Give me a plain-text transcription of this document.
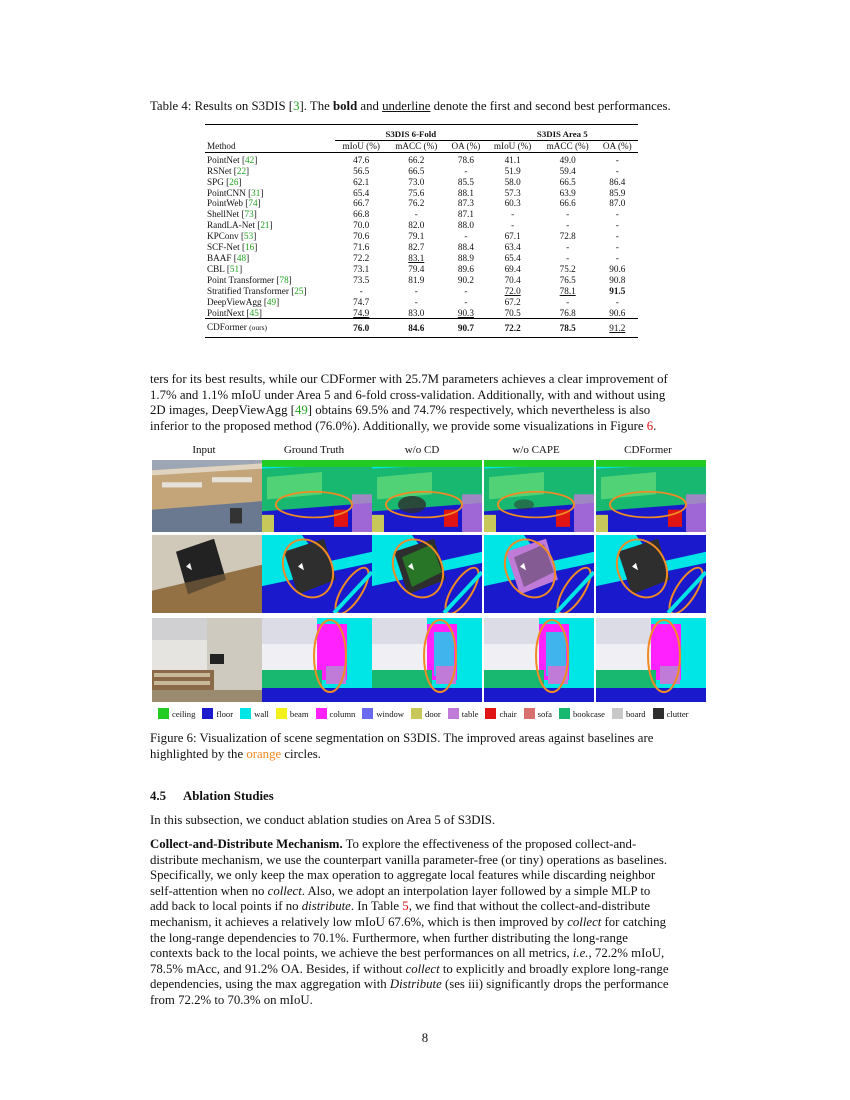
Table 4: Results on S3DIS [3]. The bold and underline denote the first and second best performances.
	S3DIS 6-Fold			S3DIS Area 5		
Method	mIoU (%)	mACC (%)	OA (%)	mIoU (%)	mACC (%)	OA (%)

PointNet [42]	47.6	66.2	78.6	41.1	49.0	-
RSNet [22]	56.5	66.5	-	51.9	59.4	-
SPG [26]	62.1	73.0	85.5	58.0	66.5	86.4
PointCNN [31]	65.4	75.6	88.1	57.3	63.9	85.9
PointWeb [74]	66.7	76.2	87.3	60.3	66.6	87.0
ShellNet [73]	66.8	-	87.1	-	-	-
RandLA-Net [21]	70.0	82.0	88.0	-	-	-
KPConv [53]	70.6	79.1	-	67.1	72.8	-
SCF-Net [16]	71.6	82.7	88.4	63.4	-	-
BAAF [48]	72.2	83.1	88.9	65.4	-	-
CBL [51]	73.1	79.4	89.6	69.4	75.2	90.6
Point Transformer [78]	73.5	81.9	90.2	70.4	76.5	90.8
Stratified Transformer [25]	-	-	-	72.0	78.1	91.5
DeepViewAgg [49]	74.7	-	-	67.2	-	-
PointNext [45]	74.9	83.0	90.3	70.5	76.8	90.6

CDFormer (ours)	76.0	84.6	90.7	72.2	78.5	91.2
ters for its best results, while our CDFormer with 25.7M parameters achieves a clear improvement of
1.7% and 1.1% mIoU under Area 5 and 6-fold cross-validation. Additionally, with and without using
2D images, DeepViewAgg [49] obtains 69.5% and 74.7% respectively, which nevertheless is also
inferior to the proposed method (76.0%). Additionally, we provide some visualizations in Figure 6.
Input	Ground Truth	w/o CD	w/o CAPE	CDFormer
ceiling floor wall beam column window door table chair sofa bookcase board clutter
Figure 6: Visualization of scene segmentation on S3DIS. The improved areas against baselines are
highlighted by the orange circles.
4.5 Ablation Studies
In this subsection, we conduct ablation studies on Area 5 of S3DIS.
Collect-and-Distribute Mechanism. To explore the effectiveness of the proposed collect-and-
distribute mechanism, we use the counterpart vanilla parameter-free (or tiny) operations as baselines.
Specifically, we only keep the max operation to aggregate local features while discarding neighbor
self-attention when no collect. Also, we adopt an interpolation layer followed by a simple MLP to
add back to local points if no distribute. In Table 5, we find that without the collect-and-distribute
mechanism, it achieves a relatively low mIoU 67.6%, which is then improved by collect for catching
the long-range dependencies to 70.1%. Furthermore, when further distributing the long-range
contexts back to the local points, we achieve the best performances on all metrics, i.e., 72.2% mIoU,
78.5% mAcc, and 91.2% OA. Besides, if without collect to explicitly and broadly explore long-range
dependencies, using the max aggregation with Distribute (ses iii) significantly drops the performance
from 72.2% to 70.3% on mIoU.
8
